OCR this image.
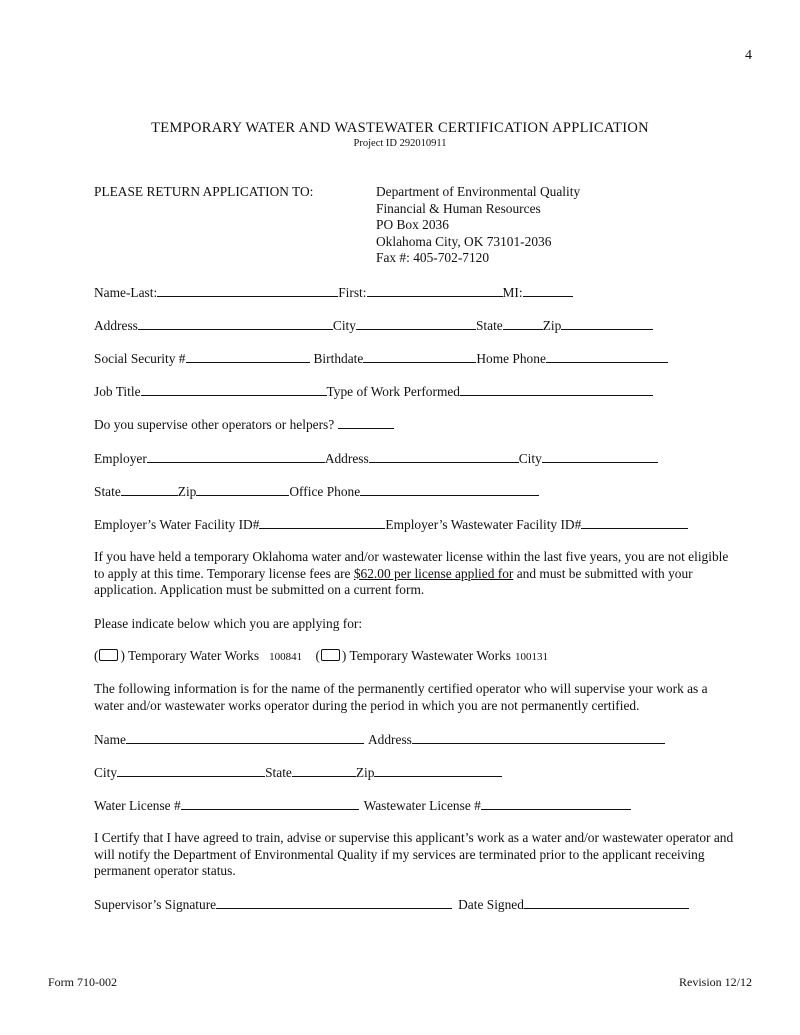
4
TEMPORARY WATER AND WASTEWATER CERTIFICATION APPLICATION
Project ID 292010911
PLEASE RETURN APPLICATION TO:	Department of Environmental Quality
Financial & Human Resources
PO Box 2036
Oklahoma City, OK 73101-2036
Fax #: 405-702-7120
Name-Last:	First:	MI:
Address	City	State	Zip
Social Security #	Birthdate	Home Phone
Job Title	Type of Work Performed
Do you supervise other operators or helpers?
Employer	Address	City
State	Zip	Office Phone
Employer’s Water Facility ID#	Employer’s Wastewater Facility ID#
If you have held a temporary Oklahoma water and/or wastewater license within the last five years, you are not eligible to apply at this time. Temporary license fees are $62.00 per license applied for and must be submitted with your application. Application must be submitted on a current form.
Please indicate below which you are applying for:
( ) Temporary Water Works 100841 ( ) Temporary Wastewater Works 100131
The following information is for the name of the permanently certified operator who will supervise your work as a water and/or wastewater works operator during the period in which you are not permanently certified.
Name	Address
City	State	Zip
Water License #	Wastewater License #
I Certify that I have agreed to train, advise or supervise this applicant’s work as a water and/or wastewater operator and will notify the Department of Environmental Quality if my services are terminated prior to the applicant receiving permanent operator status.
Supervisor’s Signature	Date Signed
Form 710-002	Revision 12/12
